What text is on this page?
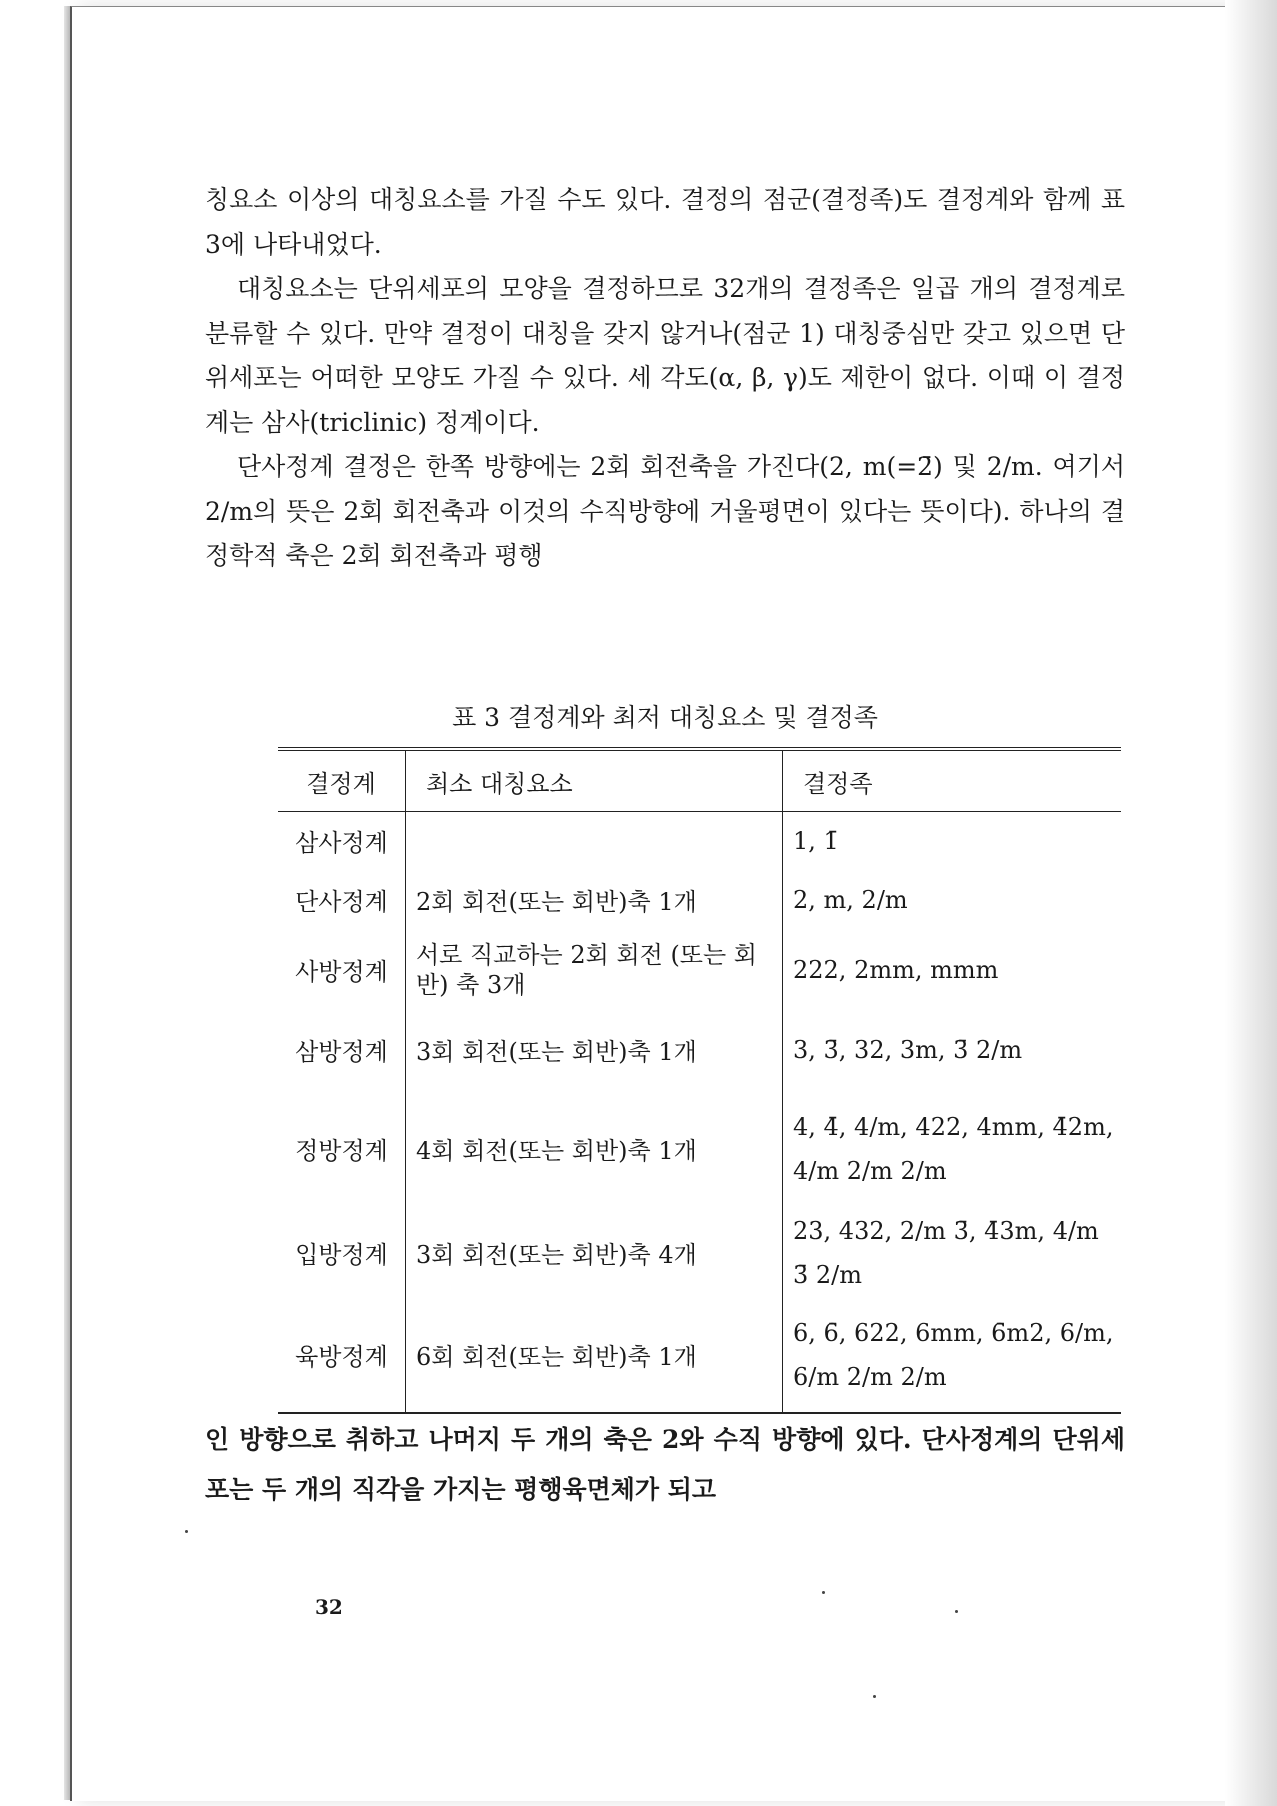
칭요소 이상의 대칭요소를 가질 수도 있다. 결정의 점군(결정족)도 결정계와 함께 표 3에 나타내었다.

대칭요소는 단위세포의 모양을 결정하므로 32개의 결정족은 일곱 개의 결정계로 분류할 수 있다. 만약 결정이 대칭을 갖지 않거나(점군 1) 대칭중심만 갖고 있으면 단위세포는 어떠한 모양도 가질 수 있다. 세 각도(α, β, γ)도 제한이 없다. 이때 이 결정계는 삼사(triclinic) 정계이다.

단사정계 결정은 한쪽 방향에는 2회 회전축을 가진다(2, m(=2̄) 및 2/m. 여기서 2/m의 뜻은 2회 회전축과 이것의 수직방향에 거울평면이 있다는 뜻이다). 하나의 결정학적 축은 2회 회전축과 평행

표 3 결정계와 최저 대칭요소 및 결정족
결정계	최소 대칭요소	결정족
삼사정계		1, 1̄
단사정계	2회 회전(또는 회반)축 1개	2, m, 2/m
사방정계	서로 직교하는 2회 회전 (또는 회반) 축 3개	222, 2mm, mmm
삼방정계	3회 회전(또는 회반)축 1개	3, 3̄, 32, 3m, 3̄ 2/m
정방정계	4회 회전(또는 회반)축 1개	4, 4̄, 4/m, 422, 4mm, 4̄2m, 4/m 2/m 2/m
입방정계	3회 회전(또는 회반)축 4개	23, 432, 2/m 3̄, 4̄3m, 4/m 3̄ 2/m
육방정계	6회 회전(또는 회반)축 1개	6, 6̄, 622, 6mm, 6̄m2, 6/m, 6/m 2/m 2/m

인 방향으로 취하고 나머지 두 개의 축은 2와 수직 방향에 있다. 단사정계의 단위세포는 두 개의 직각을 가지는 평행육면체가 되고

32
